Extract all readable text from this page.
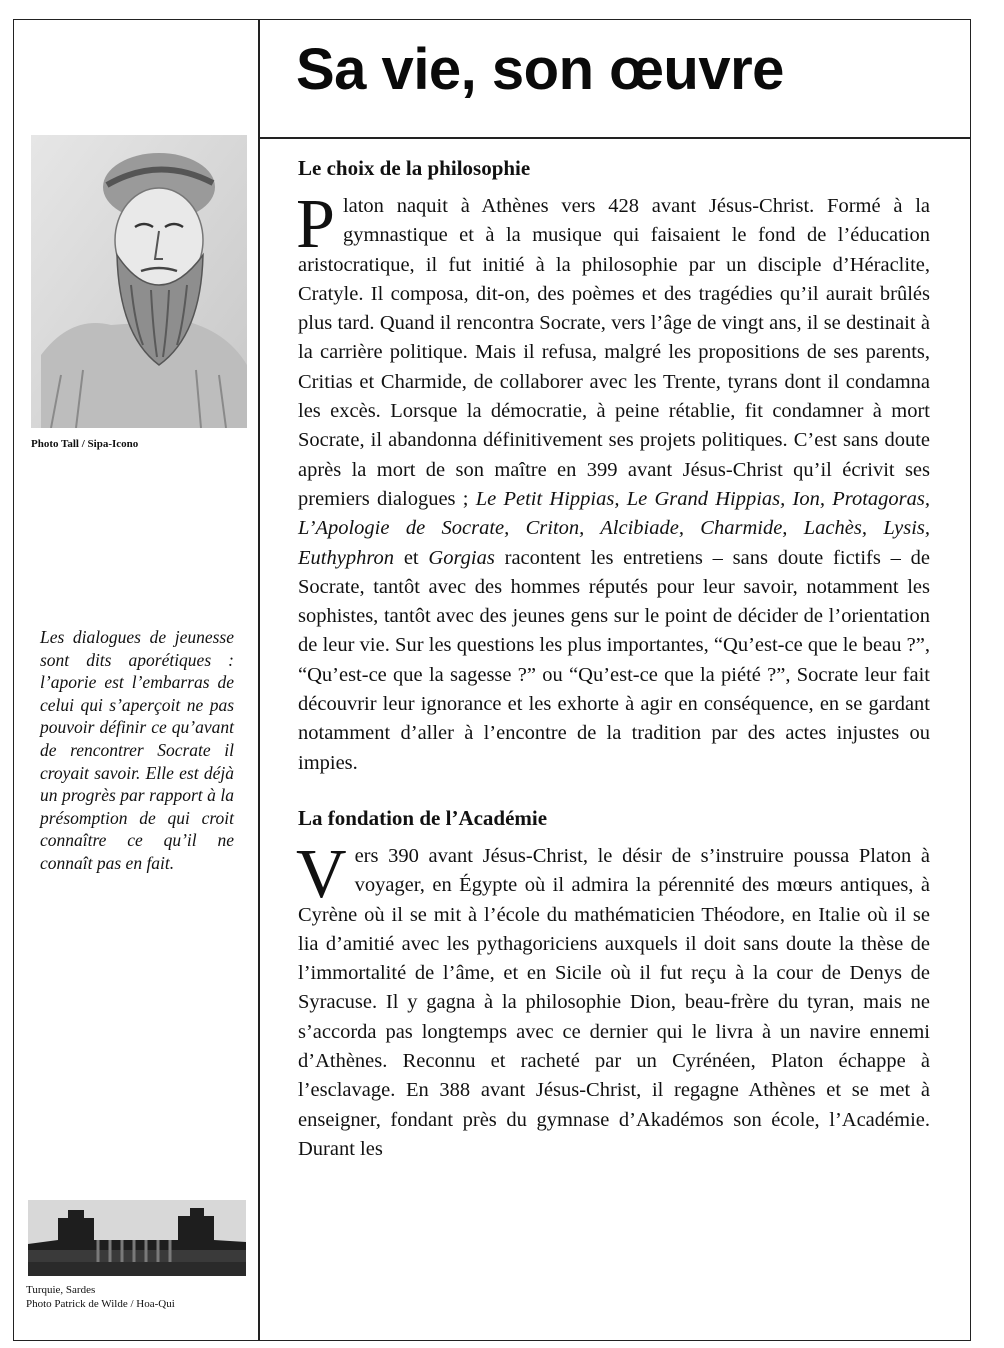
Sa vie, son œuvre
Photo Tall / Sipa-Icono

Les dialogues de jeunesse sont dits aporétiques : l’aporie est l’embarras de celui qui s’aperçoit ne pas pouvoir définir ce qu’avant de rencontrer Socrate il croyait savoir. Elle est déjà un progrès par rapport à la présomption de qui croit connaître ce qu’il ne connaît pas en fait.

Turquie, Sardes
Photo Patrick de Wilde / Hoa-Qui
Le choix de la philosophie

Platon naquit à Athènes vers 428 avant Jésus-Christ. Formé à la gymnastique et à la musique qui faisaient le fond de l’éducation aristocratique, il fut initié à la philosophie par un disciple d’Héraclite, Cratyle. Il composa, dit-on, des poèmes et des tragédies qu’il aurait brûlés plus tard. Quand il rencontra Socrate, vers l’âge de vingt ans, il se destinait à la carrière politique. Mais il refusa, malgré les propositions de ses parents, Critias et Charmide, de collaborer avec les Trente, tyrans dont il condamna les excès. Lorsque la démocratie, à peine rétablie, fit condamner à mort Socrate, il abandonna définitivement ses projets politiques. C’est sans doute après la mort de son maître en 399 avant Jésus-Christ qu’il écrivit ses premiers dialogues ; Le Petit Hippias, Le Grand Hippias, Ion, Protagoras, L’Apologie de Socrate, Criton, Alcibiade, Charmide, Lachès, Lysis, Euthyphron et Gorgias racontent les entretiens – sans doute fictifs – de Socrate, tantôt avec des hommes réputés pour leur savoir, notamment les sophistes, tantôt avec des jeunes gens sur le point de décider de l’orientation de leur vie. Sur les questions les plus importantes, “Qu’est-ce que le beau ?”, “Qu’est-ce que la sagesse ?” ou “Qu’est-ce que la piété ?”, Socrate leur fait découvrir leur ignorance et les exhorte à agir en conséquence, en se gardant notamment d’aller à l’encontre de la tradition par des actes injustes ou impies.

La fondation de l’Académie

Vers 390 avant Jésus-Christ, le désir de s’instruire poussa Platon à voyager, en Égypte où il admira la pérennité des mœurs antiques, à Cyrène où il se mit à l’école du mathématicien Théodore, en Italie où il se lia d’amitié avec les pythagoriciens auxquels il doit sans doute la thèse de l’immortalité de l’âme, et en Sicile où il fut reçu à la cour de Denys de Syracuse. Il y gagna à la philosophie Dion, beau-frère du tyran, mais ne s’accorda pas longtemps avec ce dernier qui le livra à un navire ennemi d’Athènes. Reconnu et racheté par un Cyrénéen, Platon échappe à l’esclavage. En 388 avant Jésus-Christ, il regagne Athènes et se met à enseigner, fondant près du gymnase d’Akadémos son école, l’Académie. Durant les
